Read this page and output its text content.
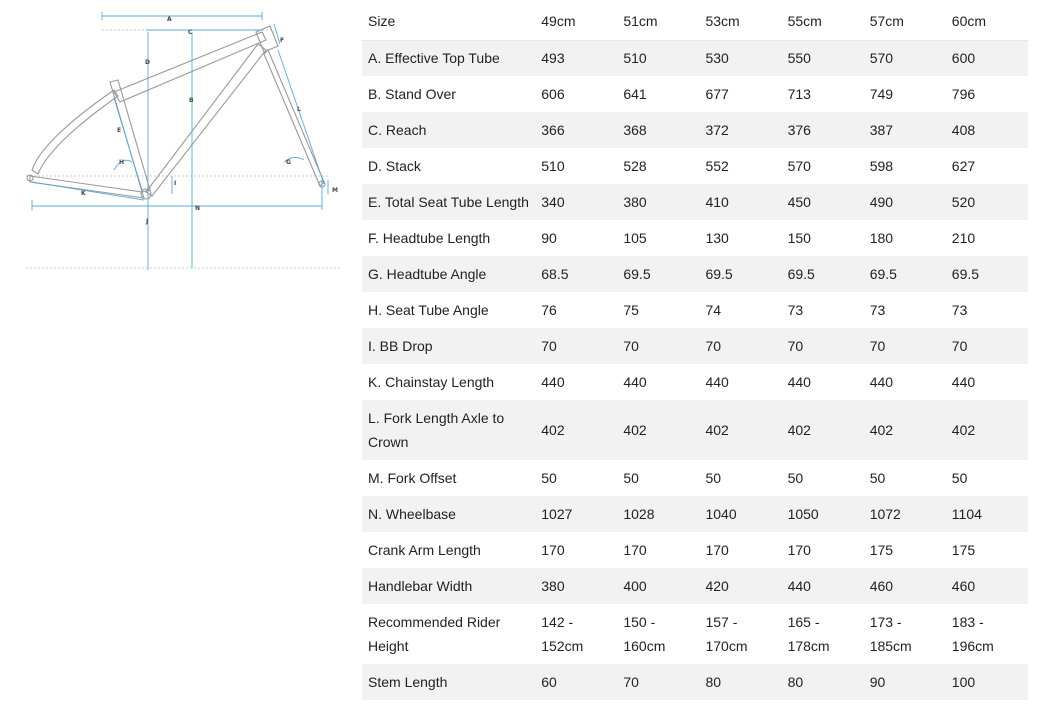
A
B
C
D
E
F
G
H
I
J
K
L
M
N
Size	49cm	51cm	53cm	55cm	57cm	60cm
A. Effective Top Tube	493	510	530	550	570	600
B. Stand Over	606	641	677	713	749	796
C. Reach	366	368	372	376	387	408
D. Stack	510	528	552	570	598	627
E. Total Seat Tube Length	340	380	410	450	490	520
F. Headtube Length	90	105	130	150	180	210
G. Headtube Angle	68.5	69.5	69.5	69.5	69.5	69.5
H. Seat Tube Angle	76	75	74	73	73	73
I. BB Drop	70	70	70	70	70	70
K. Chainstay Length	440	440	440	440	440	440
L. Fork Length Axle to Crown	402	402	402	402	402	402
M. Fork Offset	50	50	50	50	50	50
N. Wheelbase	1027	1028	1040	1050	1072	1104
Crank Arm Length	170	170	170	170	175	175
Handlebar Width	380	400	420	440	460	460
Recommended Rider Height	142 - 152cm	150 - 160cm	157 - 170cm	165 - 178cm	173 - 185cm	183 - 196cm
Stem Length	60	70	80	80	90	100
